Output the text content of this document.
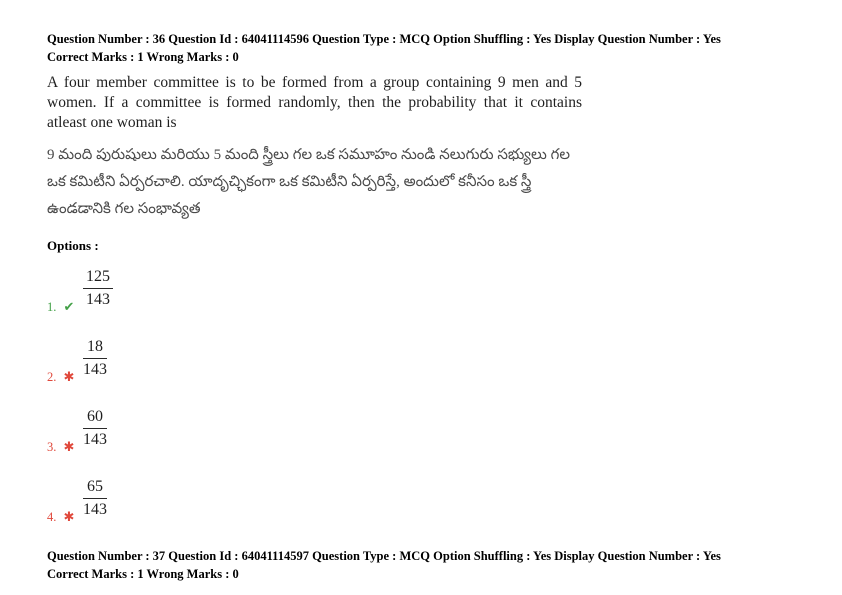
Question Number : 36 Question Id : 64041114596 Question Type : MCQ Option Shuffling : Yes Display Question Number : Yes
Correct Marks : 1 Wrong Marks : 0

A four member committee is to be formed from a group containing 9 men and 5 women. If a committee is formed randomly, then the probability that it contains atleast one woman is

9 మంది పురుషులు మరియు 5 మంది స్త్రీలు గల ఒక సమూహం నుండి నలుగురు సభ్యులు గల ఒక కమిటీని ఏర్పరచాలి. యాదృచ్ఛికంగా ఒక కమిటీని ఏర్పరిస్తే, అందులో కనీసం ఒక స్త్రీ ఉండడానికి గల సంభావ్యత

Options :
1. ✔ $\frac{125}{143}$
2. ✱ $\frac{18}{143}$
3. ✱ $\frac{60}{143}$
4. ✱ $\frac{65}{143}$
Question Number : 37 Question Id : 64041114597 Question Type : MCQ Option Shuffling : Yes Display Question Number : Yes
Correct Marks : 1 Wrong Marks : 0
